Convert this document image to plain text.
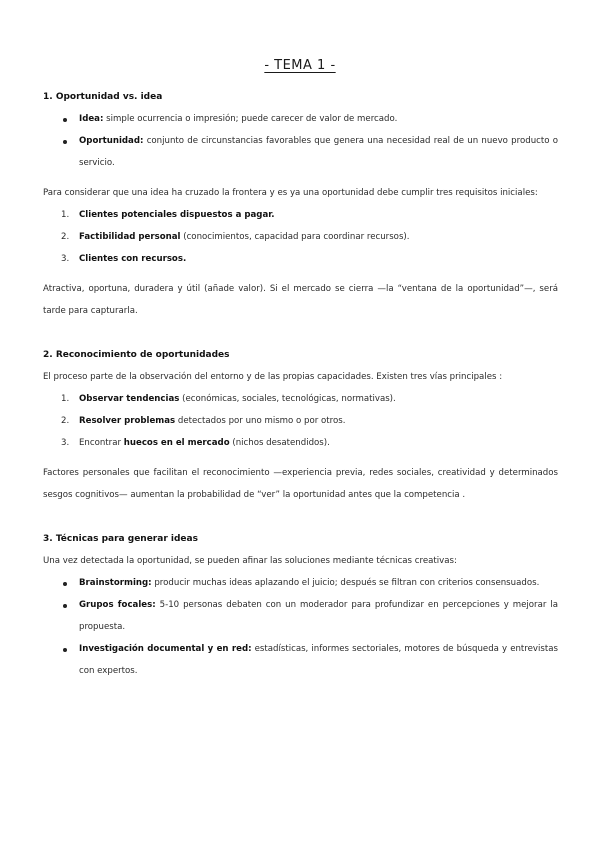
- TEMA 1 -

1. Oportunidad vs. idea

Idea: simple ocurrencia o impresión; puede carecer de valor de mercado.
Oportunidad: conjunto de circunstancias favorables que genera una necesidad real de un nuevo producto o servicio.

Para considerar que una idea ha cruzado la frontera y es ya una oportunidad debe cumplir tres requisitos iniciales:

1. Clientes potenciales dispuestos a pagar.
2. Factibilidad personal (conocimientos, capacidad para coordinar recursos).
3. Clientes con recursos.

Atractiva, oportuna, duradera y útil (añade valor). Si el mercado se cierra —la “ventana de la oportunidad”—, será tarde para capturarla.

2. Reconocimiento de oportunidades

El proceso parte de la observación del entorno y de las propias capacidades. Existen tres vías principales :

1. Observar tendencias (económicas, sociales, tecnológicas, normativas).
2. Resolver problemas detectados por uno mismo o por otros.
3. Encontrar huecos en el mercado (nichos desatendidos).

Factores personales que facilitan el reconocimiento —experiencia previa, redes sociales, creatividad y determinados sesgos cognitivos— aumentan la probabilidad de “ver” la oportunidad antes que la competencia .

3. Técnicas para generar ideas

Una vez detectada la oportunidad, se pueden afinar las soluciones mediante técnicas creativas:

Brainstorming: producir muchas ideas aplazando el juicio; después se filtran con criterios consensuados.
Grupos focales: 5-10 personas debaten con un moderador para profundizar en percepciones y mejorar la propuesta.
Investigación documental y en red: estadísticas, informes sectoriales, motores de búsqueda y entrevistas con expertos.
